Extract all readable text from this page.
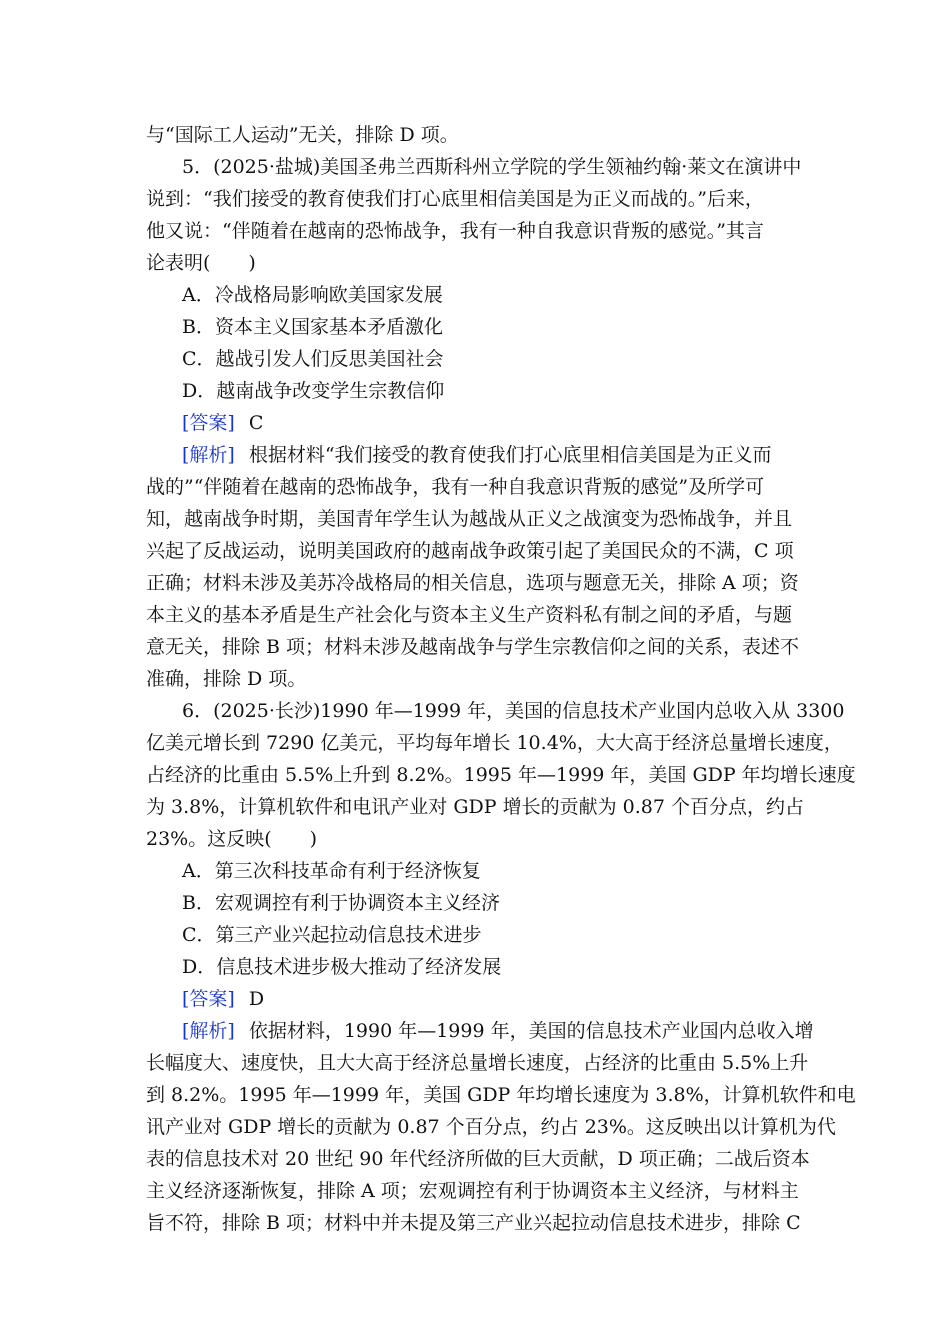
与“国际工人运动”无关，排除 D 项。
5．(2025·盐城)美国圣弗兰西斯科州立学院的学生领袖约翰·莱文在演讲中
说到：“我们接受的教育使我们打心底里相信美国是为正义而战的。”后来，
他又说：“伴随着在越南的恐怖战争，我有一种自我意识背叛的感觉。”其言
论表明(　　)
A．冷战格局影响欧美国家发展
B．资本主义国家基本矛盾激化
C．越战引发人们反思美国社会
D．越南战争改变学生宗教信仰
[答案] C
[解析] 根据材料“我们接受的教育使我们打心底里相信美国是为正义而
战的”“伴随着在越南的恐怖战争，我有一种自我意识背叛的感觉”及所学可
知，越南战争时期，美国青年学生认为越战从正义之战演变为恐怖战争，并且
兴起了反战运动，说明美国政府的越南战争政策引起了美国民众的不满，C 项
正确；材料未涉及美苏冷战格局的相关信息，选项与题意无关，排除 A 项；资
本主义的基本矛盾是生产社会化与资本主义生产资料私有制之间的矛盾，与题
意无关，排除 B 项；材料未涉及越南战争与学生宗教信仰之间的关系，表述不
准确，排除 D 项。
6．(2025·长沙)1990 年—1999 年，美国的信息技术产业国内总收入从 3300
亿美元增长到 7290 亿美元，平均每年增长 10.4%，大大高于经济总量增长速度，
占经济的比重由 5.5%上升到 8.2%。1995 年—1999 年，美国 GDP 年均增长速度
为 3.8%，计算机软件和电讯产业对 GDP 增长的贡献为 0.87 个百分点，约占
23%。这反映(　　)
A．第三次科技革命有利于经济恢复
B．宏观调控有利于协调资本主义经济
C．第三产业兴起拉动信息技术进步
D．信息技术进步极大推动了经济发展
[答案] D
[解析] 依据材料，1990 年—1999 年，美国的信息技术产业国内总收入增
长幅度大、速度快，且大大高于经济总量增长速度，占经济的比重由 5.5%上升
到 8.2%。1995 年—1999 年，美国 GDP 年均增长速度为 3.8%，计算机软件和电
讯产业对 GDP 增长的贡献为 0.87 个百分点，约占 23%。这反映出以计算机为代
表的信息技术对 20 世纪 90 年代经济所做的巨大贡献，D 项正确；二战后资本
主义经济逐渐恢复，排除 A 项；宏观调控有利于协调资本主义经济，与材料主
旨不符，排除 B 项；材料中并未提及第三产业兴起拉动信息技术进步，排除 C
